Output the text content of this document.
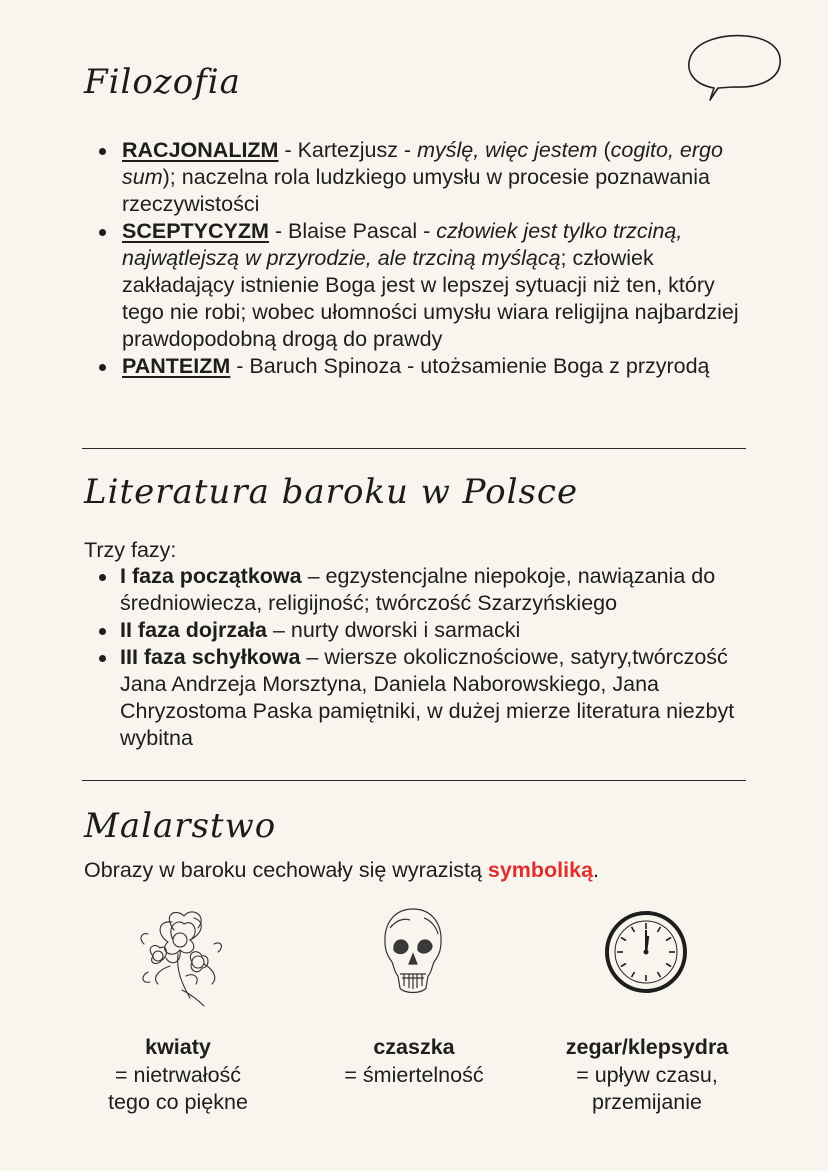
Filozofia
RACJONALIZM - Kartezjusz - myślę, więc jestem (cogito, ergo sum); naczelna rola ludzkiego umysłu w procesie poznawania rzeczywistości
SCEPTYCYZM - Blaise Pascal - człowiek jest tylko trzciną, najwątlejszą w przyrodzie, ale trzciną myślącą; człowiek zakładający istnienie Boga jest w lepszej sytuacji niż ten, który tego nie robi; wobec ułomności umysłu wiara religijna najbardziej prawdopodobną drogą do prawdy
PANTEIZM - Baruch Spinoza - utożsamienie Boga z przyrodą
Literatura baroku w Polsce

Trzy fazy:

I faza początkowa – egzystencjalne niepokoje, nawiązania do średniowiecza, religijność; twórczość Szarzyńskiego
II faza dojrzała – nurty dworski i sarmacki
III faza schyłkowa – wiersze okolicznościowe, satyry,twórczość Jana Andrzeja Morsztyna, Daniela Naborowskiego, Jana Chryzostoma Paska pamiętniki, w dużej mierze literatura niezbyt wybitna
Malarstwo

Obrazy w baroku cechowały się wyrazistą symboliką.

kwiaty
= nietrwałość
tego co piękne
czaszka
= śmiertelność
zegar/klepsydra
= upływ czasu,
przemijanie
